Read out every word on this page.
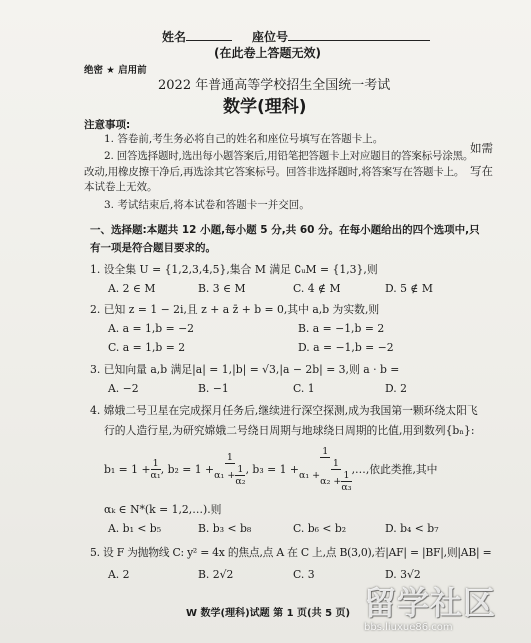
姓名	座位号
(在此卷上答题无效)
绝密 ★ 启用前
2022 年普通高等学校招生全国统一考试
数学(理科)
注意事项:
1. 答卷前,考生务必将自己的姓名和座位号填写在答题卡上。
2. 回答选择题时,选出每小题答案后,用铅笔把答题卡上对应题目的答案标号涂黑。
如需
改动,用橡皮擦干净后,再选涂其它答案标号。回答非选择题时,将答案写在答题卡上。 写在
本试卷上无效。
3. 考试结束后,将本试卷和答题卡一并交回。
一、选择题:本题共 12 小题,每小题 5 分,共 60 分。在每小题给出的四个选项中,只
有一项是符合题目要求的。
1. 设全集 U = {1,2,3,4,5},集合 M 满足 ∁ᵤM = {1,3},则
A. 2 ∈ M	B. 3 ∈ M	C. 4 ∉ M	D. 5 ∉ M
2. 已知 z = 1 − 2i,且 z + a z̄ + b = 0,其中 a,b 为实数,则
A. a = 1,b = −2	B. a = −1,b = 2
C. a = 1,b = 2	D. a = −1,b = −2
3. 已知向量 a,b 满足|a| = 1,|b| = √3,|a − 2b| = 3,则 a · b =
A. −2	B. −1	C. 1	D. 2
4. 嫦娥二号卫星在完成探月任务后,继续进行深空探测,成为我国第一颗环绕太阳飞
行的人造行星,为研究嫦娥二号绕日周期与地球绕日周期的比值,用到数列{bₙ}:
$b_1 = 1 + \frac{1}{\text{α₁}}$ , $b_2 = 1 + \frac{1}{\alpha_1 + \frac{1}{\text{α₂}}}$ , b₃ = 1 +
1
$\alpha_1 + \frac{1}{\alpha_2 + \frac{1}{\text{α₃}}}$ ,…,依此类推,其中
αₖ ∈ N*(k = 1,2,…).则
A. b₁ < b₅	B. b₃ < b₈	C. b₆ < b₂	D. b₄ < b₇
5. 设 F 为抛物线 C: y² = 4x 的焦点,点 A 在 C 上,点 B(3,0),若|AF| = |BF|,则|AB| =
A. 2	B. 2√2	C. 3	D. 3√2
W 数学(理科)试题 第 1 页(共 5 页) 留学社区
bbs.liuxue86.com
